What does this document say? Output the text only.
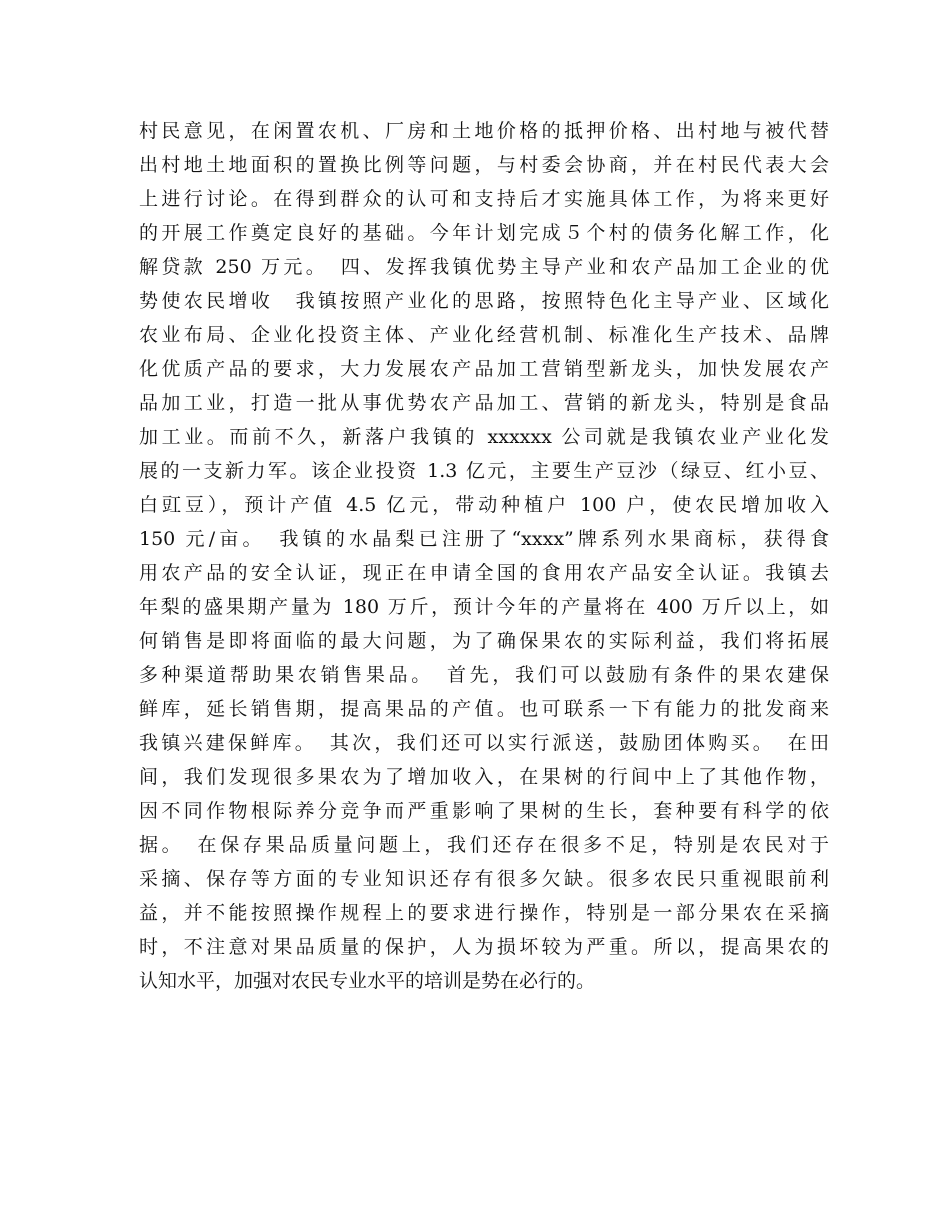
村民意见，在闲置农机、厂房和土地价格的抵押价格、出村地与被代替
出村地土地面积的置换比例等问题，与村委会协商，并在村民代表大会
上进行讨论。在得到群众的认可和支持后才实施具体工作，为将来更好
的开展工作奠定良好的基础。今年计划完成５个村的债务化解工作，化
解贷款 250 万元。　四、发挥我镇优势主导产业和农产品加工企业的优
势使农民增收　我镇按照产业化的思路，按照特色化主导产业、区域化
农业布局、企业化投资主体、产业化经营机制、标准化生产技术、品牌
化优质产品的要求，大力发展农产品加工营销型新龙头，加快发展农产
品加工业，打造一批从事优势农产品加工、营销的新龙头，特别是食品
加工业。而前不久，新落户我镇的 xxxxxx 公司就是我镇农业产业化发
展的一支新力军。该企业投资 1.3 亿元，主要生产豆沙（绿豆、红小豆、
白豇豆），预计产值 4.5 亿元，带动种植户 100 户，使农民增加收入
150 元/亩。　我镇的水晶梨已注册了“xxxx”牌系列水果商标，获得食
用农产品的安全认证，现正在申请全国的食用农产品安全认证。我镇去
年梨的盛果期产量为 180 万斤，预计今年的产量将在 400 万斤以上，如
何销售是即将面临的最大问题，为了确保果农的实际利益，我们将拓展
多种渠道帮助果农销售果品。　首先，我们可以鼓励有条件的果农建保
鲜库，延长销售期，提高果品的产值。也可联系一下有能力的批发商来
我镇兴建保鲜库。　其次，我们还可以实行派送，鼓励团体购买。　在田
间，我们发现很多果农为了增加收入，在果树的行间中上了其他作物，
因不同作物根际养分竞争而严重影响了果树的生长，套种要有科学的依
据。　在保存果品质量问题上，我们还存在很多不足，特别是农民对于
采摘、保存等方面的专业知识还存有很多欠缺。很多农民只重视眼前利
益，并不能按照操作规程上的要求进行操作，特别是一部分果农在采摘
时，不注意对果品质量的保护，人为损坏较为严重。所以，提高果农的
认知水平，加强对农民专业水平的培训是势在必行的。
